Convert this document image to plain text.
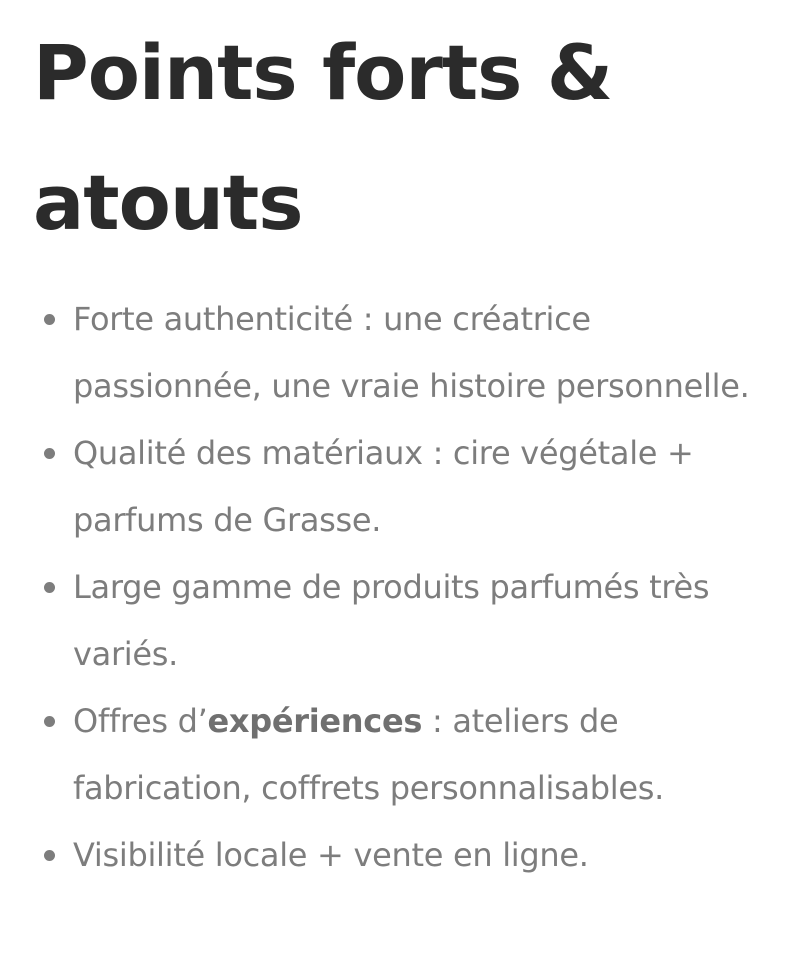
Points forts & atouts
Forte authenticité : une créatrice passionnée, une vraie histoire personnelle.
Qualité des matériaux : cire végétale + parfums de Grasse.
Large gamme de produits parfumés très variés.
Offres d’expériences : ateliers de fabrication, coffrets personnalisables.
Visibilité locale + vente en ligne.
